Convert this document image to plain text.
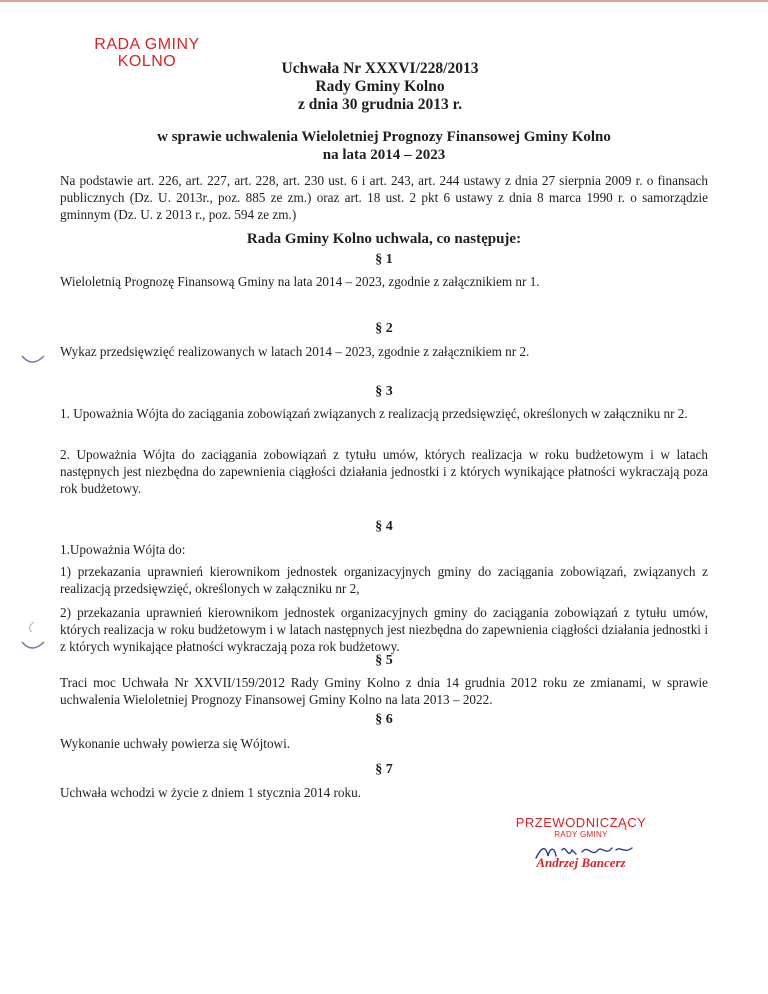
RADA GMINY
KOLNO	Uchwała Nr XXXVI/228/2013
Rady Gminy Kolno
z dnia 30 grudnia 2013 r.
w sprawie uchwalenia Wieloletniej Prognozy Finansowej Gminy Kolno
na lata 2014 – 2023
Na podstawie art. 226, art. 227, art. 228, art. 230 ust. 6 i art. 243, art. 244 ustawy z dnia 27 sierpnia 2009 r. o finansach publicznych (Dz. U. 2013r., poz. 885 ze zm.) oraz art. 18 ust. 2 pkt 6 ustawy z dnia 8 marca 1990 r. o samorządzie gminnym (Dz. U. z 2013 r., poz. 594 ze zm.)
Rada Gminy Kolno uchwala, co następuje:
§ 1
Wieloletnią Prognozę Finansową Gminy na lata 2014 – 2023, zgodnie z załącznikiem nr 1.
§ 2
Wykaz przedsięwzięć realizowanych w latach 2014 – 2023, zgodnie z załącznikiem nr 2.
§ 3
1. Upoważnia Wójta do zaciągania zobowiązań związanych z realizacją przedsięwzięć, określonych w załączniku nr 2.
2. Upoważnia Wójta do zaciągania zobowiązań z tytułu umów, których realizacja w roku budżetowym i w latach następnych jest niezbędna do zapewnienia ciągłości działania jednostki i z których wynikające płatności wykraczają poza rok budżetowy.
§ 4
1.Upoważnia Wójta do:
1) przekazania uprawnień kierownikom jednostek organizacyjnych gminy do zaciągania zobowiązań, związanych z realizacją przedsięwzięć, określonych w załączniku nr 2,
2) przekazania uprawnień kierownikom jednostek organizacyjnych gminy do zaciągania zobowiązań z tytułu umów, których realizacja w roku budżetowym i w latach następnych jest niezbędna do zapewnienia ciągłości działania jednostki i z których wynikające płatności wykraczają poza rok budżetowy.
§ 5
Traci moc Uchwała Nr XXVII/159/2012 Rady Gminy Kolno z dnia 14 grudnia 2012 roku ze zmianami, w sprawie uchwalenia Wieloletniej Prognozy Finansowej Gminy Kolno na lata 2013 – 2022.
§ 6
Wykonanie uchwały powierza się Wójtowi.
§ 7
Uchwała wchodzi w życie z dniem 1 stycznia 2014 roku.
PRZEWODNICZĄCY
RADY GMINY
Andrzej Bancerz
